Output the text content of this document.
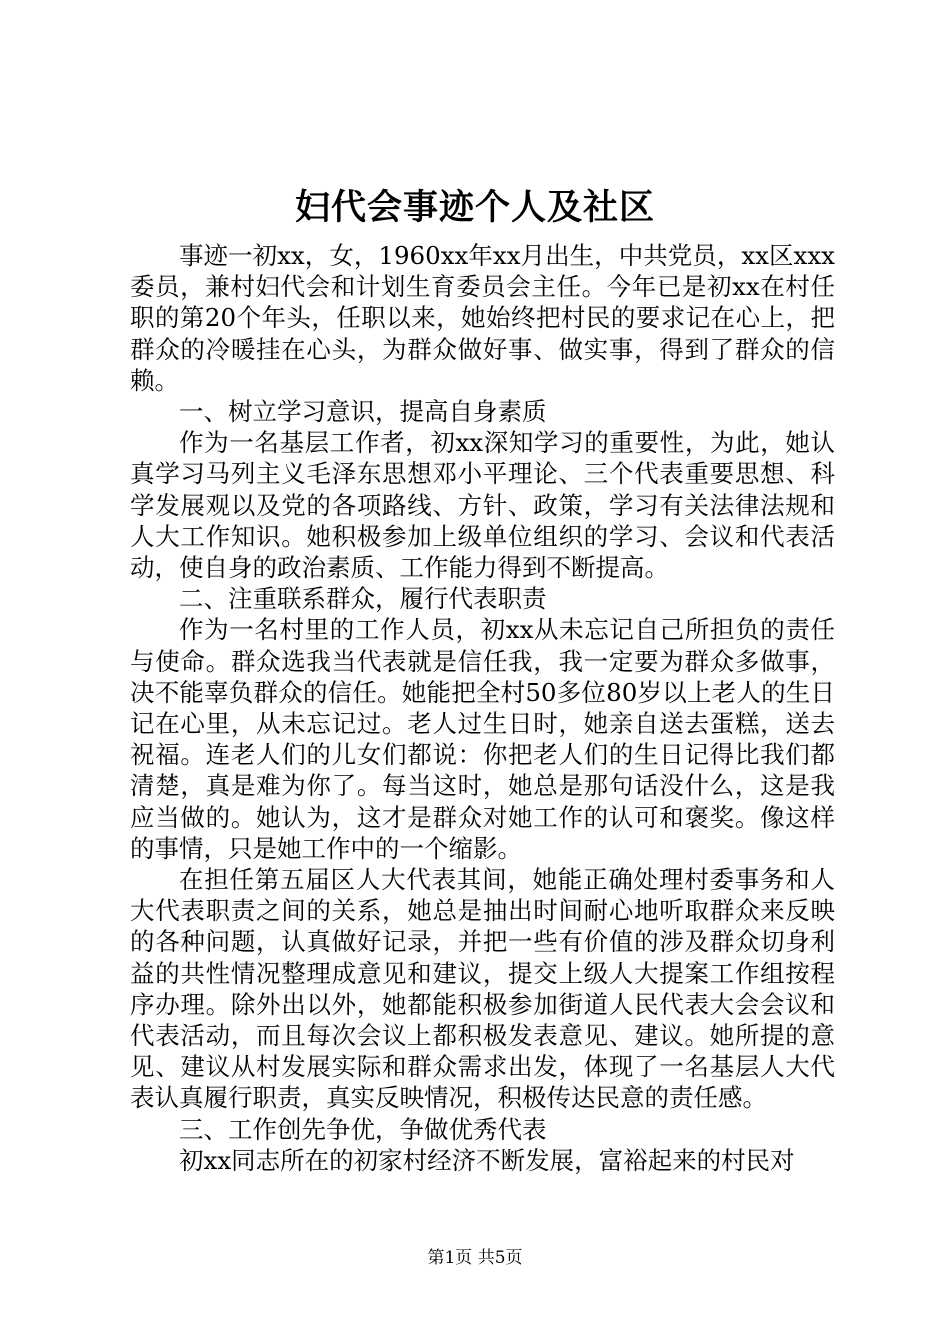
妇代会事迹个人及社区

事迹一初xx，女，1960xx年xx月出生，中共党员，xx区xxx委员，兼村妇代会和计划生育委员会主任。今年已是初xx在村任职的第20个年头，任职以来，她始终把村民的要求记在心上，把群众的冷暖挂在心头，为群众做好事、做实事，得到了群众的信赖。

一、树立学习意识，提高自身素质

作为一名基层工作者，初xx深知学习的重要性，为此，她认真学习马列主义毛泽东思想邓小平理论、三个代表重要思想、科学发展观以及党的各项路线、方针、政策，学习有关法律法规和人大工作知识。她积极参加上级单位组织的学习、会议和代表活动，使自身的政治素质、工作能力得到不断提高。

二、注重联系群众，履行代表职责

作为一名村里的工作人员，初xx从未忘记自己所担负的责任与使命。群众选我当代表就是信任我，我一定要为群众多做事，决不能辜负群众的信任。她能把全村50多位80岁以上老人的生日记在心里，从未忘记过。老人过生日时，她亲自送去蛋糕，送去祝福。连老人们的儿女们都说：你把老人们的生日记得比我们都清楚，真是难为你了。每当这时，她总是那句话没什么，这是我应当做的。她认为，这才是群众对她工作的认可和褒奖。像这样的事情，只是她工作中的一个缩影。

在担任第五届区人大代表其间，她能正确处理村委事务和人大代表职责之间的关系，她总是抽出时间耐心地听取群众来反映的各种问题，认真做好记录，并把一些有价值的涉及群众切身利益的共性情况整理成意见和建议，提交上级人大提案工作组按程序办理。除外出以外，她都能积极参加街道人民代表大会会议和代表活动，而且每次会议上都积极发表意见、建议。她所提的意见、建议从村发展实际和群众需求出发，体现了一名基层人大代表认真履行职责，真实反映情况，积极传达民意的责任感。

三、工作创先争优，争做优秀代表

初xx同志所在的初家村经济不断发展，富裕起来的村民对

第1页 共5页
